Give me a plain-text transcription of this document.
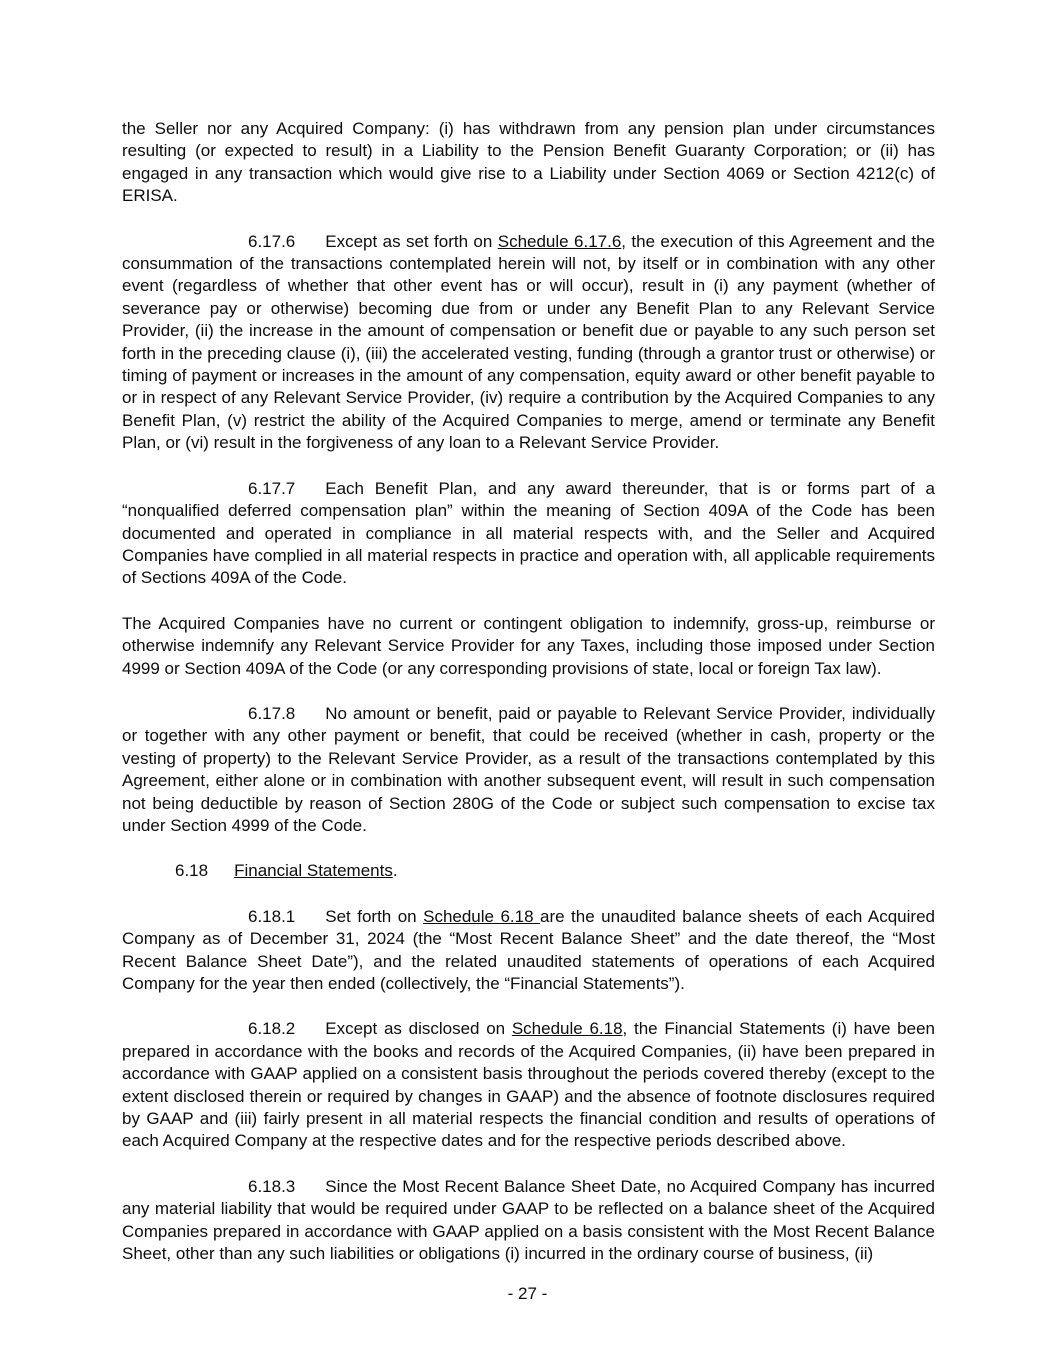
the Seller nor any Acquired Company: (i) has withdrawn from any pension plan under circumstances resulting (or expected to result) in a Liability to the Pension Benefit Guaranty Corporation; or (ii) has engaged in any transaction which would give rise to a Liability under Section 4069 or Section 4212(c) of ERISA.

6.17.6 Except as set forth on Schedule 6.17.6, the execution of this Agreement and the consummation of the transactions contemplated herein will not, by itself or in combination with any other event (regardless of whether that other event has or will occur), result in (i) any payment (whether of severance pay or otherwise) becoming due from or under any Benefit Plan to any Relevant Service Provider, (ii) the increase in the amount of compensation or benefit due or payable to any such person set forth in the preceding clause (i), (iii) the accelerated vesting, funding (through a grantor trust or otherwise) or timing of payment or increases in the amount of any compensation, equity award or other benefit payable to or in respect of any Relevant Service Provider, (iv) require a contribution by the Acquired Companies to any Benefit Plan, (v) restrict the ability of the Acquired Companies to merge, amend or terminate any Benefit Plan, or (vi) result in the forgiveness of any loan to a Relevant Service Provider.

6.17.7 Each Benefit Plan, and any award thereunder, that is or forms part of a “nonqualified deferred compensation plan” within the meaning of Section 409A of the Code has been documented and operated in compliance in all material respects with, and the Seller and Acquired Companies have complied in all material respects in practice and operation with, all applicable requirements of Sections 409A of the Code.

The Acquired Companies have no current or contingent obligation to indemnify, gross-up, reimburse or otherwise indemnify any Relevant Service Provider for any Taxes, including those imposed under Section 4999 or Section 409A of the Code (or any corresponding provisions of state, local or foreign Tax law).

6.17.8 No amount or benefit, paid or payable to Relevant Service Provider, individually or together with any other payment or benefit, that could be received (whether in cash, property or the vesting of property) to the Relevant Service Provider, as a result of the transactions contemplated by this Agreement, either alone or in combination with another subsequent event, will result in such compensation not being deductible by reason of Section 280G of the Code or subject such compensation to excise tax under Section 4999 of the Code.

6.18 Financial Statements.

6.18.1 Set forth on Schedule 6.18 are the unaudited balance sheets of each Acquired Company as of December 31, 2024 (the “Most Recent Balance Sheet” and the date thereof, the “Most Recent Balance Sheet Date”), and the related unaudited statements of operations of each Acquired Company for the year then ended (collectively, the “Financial Statements”).

6.18.2 Except as disclosed on Schedule 6.18, the Financial Statements (i) have been prepared in accordance with the books and records of the Acquired Companies, (ii) have been prepared in accordance with GAAP applied on a consistent basis throughout the periods covered thereby (except to the extent disclosed therein or required by changes in GAAP) and the absence of footnote disclosures required by GAAP and (iii) fairly present in all material respects the financial condition and results of operations of each Acquired Company at the respective dates and for the respective periods described above.

6.18.3 Since the Most Recent Balance Sheet Date, no Acquired Company has incurred any material liability that would be required under GAAP to be reflected on a balance sheet of the Acquired Companies prepared in accordance with GAAP applied on a basis consistent with the Most Recent Balance Sheet, other than any such liabilities or obligations (i) incurred in the ordinary course of business, (ii)

- 27 -
